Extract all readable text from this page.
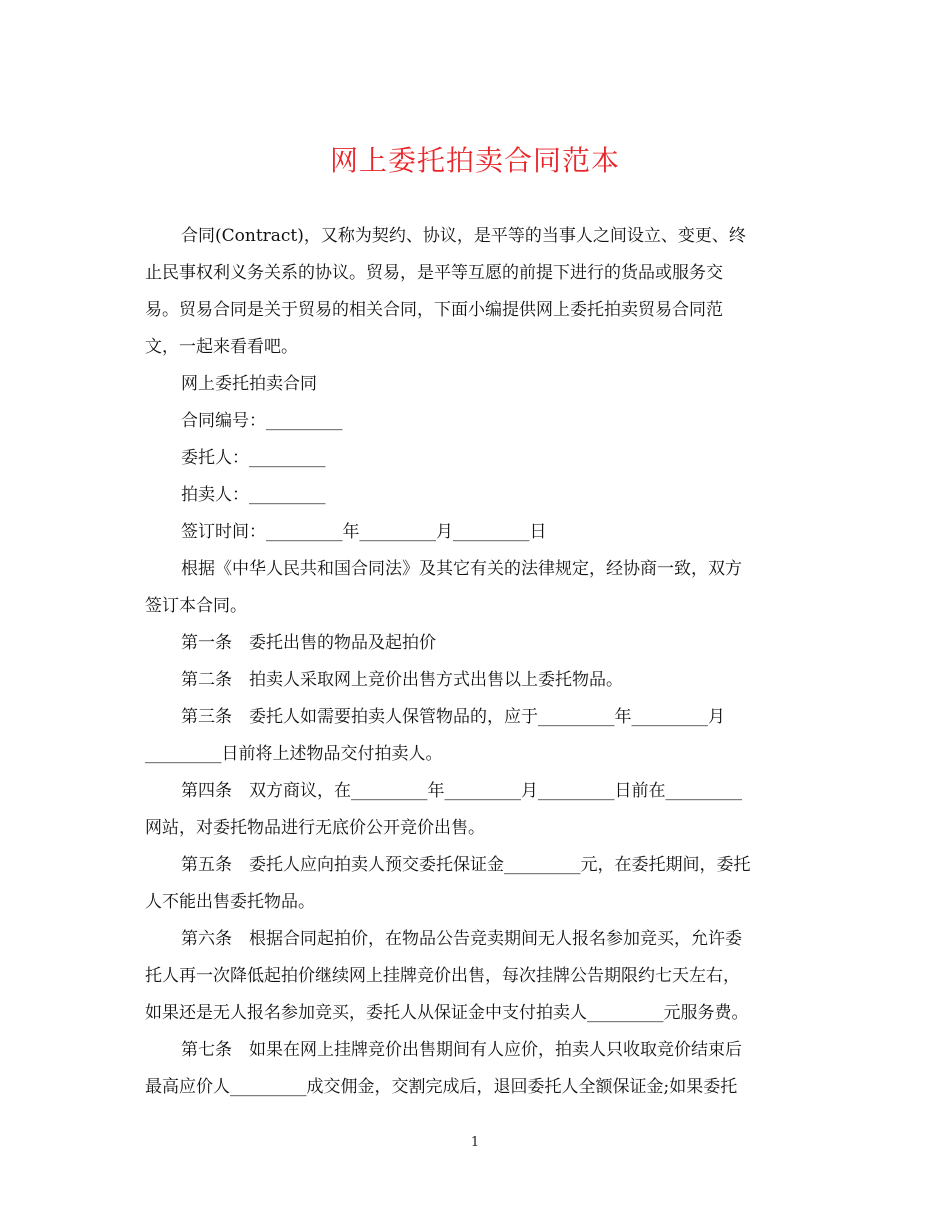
网上委托拍卖合同范本

合同(Contract)，又称为契约、协议，是平等的当事人之间设立、变更、终

止民事权利义务关系的协议。贸易，是平等互愿的前提下进行的货品或服务交

易。贸易合同是关于贸易的相关合同，下面小编提供网上委托拍卖贸易合同范

文，一起来看看吧。

网上委托拍卖合同

合同编号：_________

委托人：_________

拍卖人：_________

签订时间：_________年_________月_________日

根据《中华人民共和国合同法》及其它有关的法律规定，经协商一致，双方

签订本合同。

第一条　委托出售的物品及起拍价

第二条　拍卖人采取网上竞价出售方式出售以上委托物品。

第三条　委托人如需要拍卖人保管物品的，应于_________年_________月

_________日前将上述物品交付拍卖人。

第四条　双方商议，在_________年_________月_________日前在_________

网站，对委托物品进行无底价公开竞价出售。

第五条　委托人应向拍卖人预交委托保证金_________元，在委托期间，委托

人不能出售委托物品。

第六条　根据合同起拍价，在物品公告竞卖期间无人报名参加竞买，允许委

托人再一次降低起拍价继续网上挂牌竞价出售，每次挂牌公告期限约七天左右，

如果还是无人报名参加竞买，委托人从保证金中支付拍卖人_________元服务费。

第七条　如果在网上挂牌竞价出售期间有人应价，拍卖人只收取竞价结束后

最高应价人_________成交佣金，交割完成后，退回委托人全额保证金;如果委托

1
